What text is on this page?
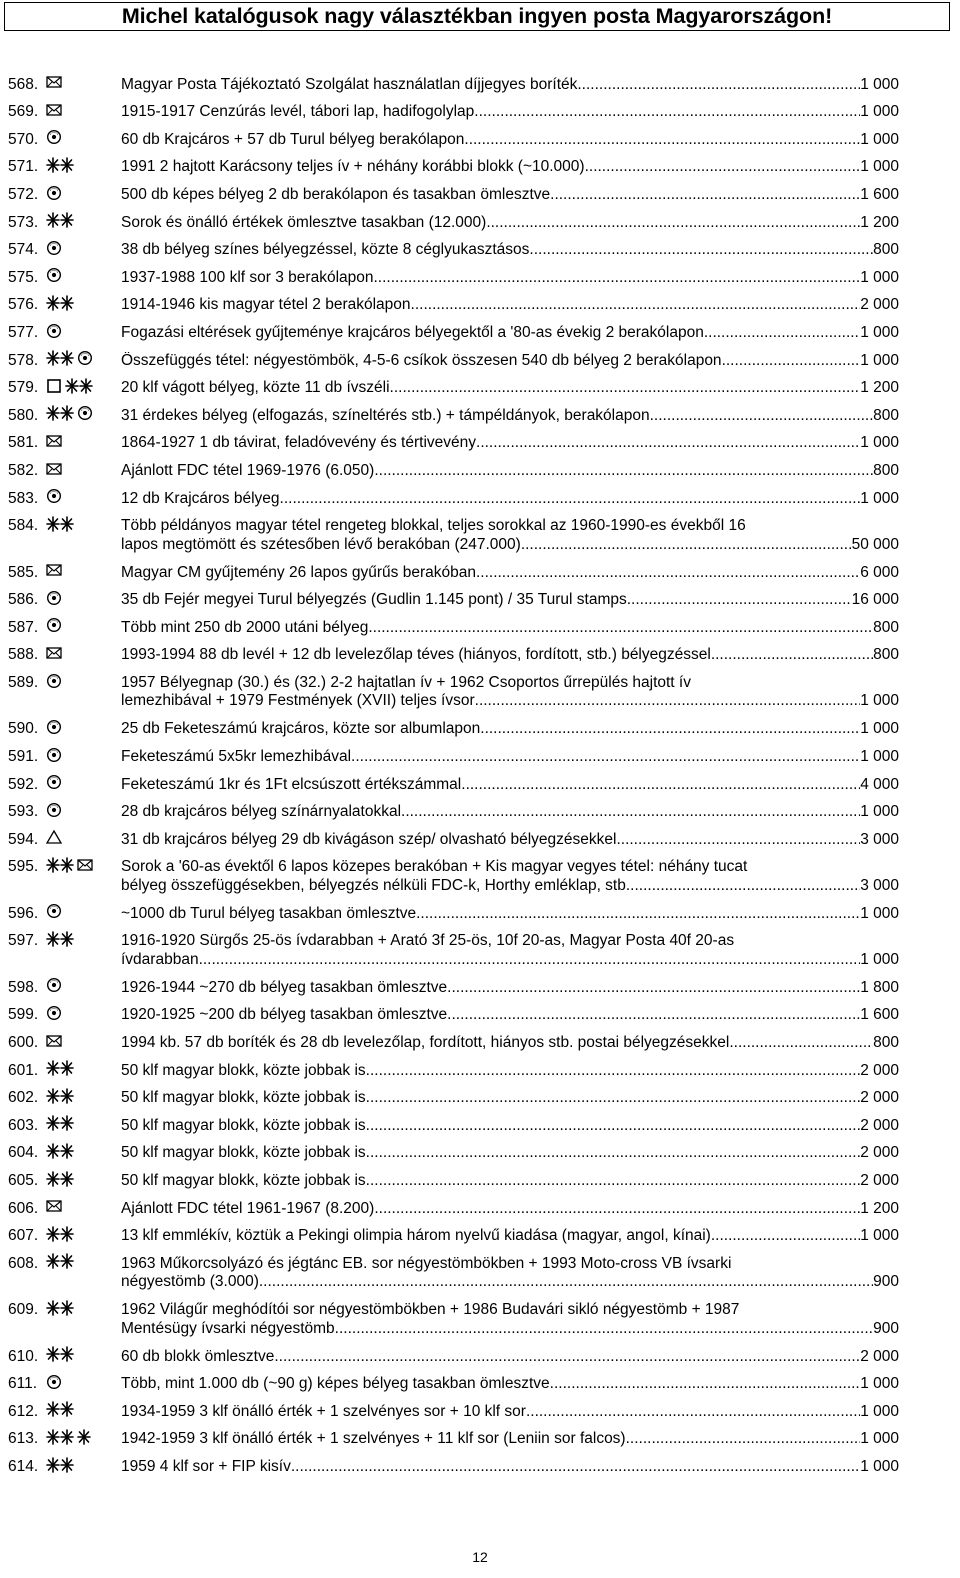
Michel katalógusok nagy választékban ingyen posta Magyarországon!
568.	Magyar Posta Tájékoztató Szolgálat használatlan díjjegyes boríték .....	1 000
569.	1915-1917 Cenzúrás levél, tábori lap, hadifogolylap .....	1 000
570.	60 db Krajcáros + 57 db Turul bélyeg berakólapon .....	1 000
571.	1991 2 hajtott Karácsony teljes ív + néhány korábbi blokk (~10.000) .....	1 000
572.	500 db képes bélyeg 2 db berakólapon és tasakban ömlesztve .....	1 600
573.	Sorok és önálló értékek ömlesztve tasakban (12.000) .....	1 200
574.	38 db bélyeg színes bélyegzéssel, közte 8 céglyukasztásos .....	800
575.	1937-1988 100 klf sor 3 berakólapon .....	1 000
576.	1914-1946 kis magyar tétel 2 berakólapon .....	2 000
577.	Fogazási eltérések gyűjteménye krajcáros bélyegektől a '80-as évekig 2 berakólapon .....	1 000
578.	Összefüggés tétel: négyestömbök, 4-5-6 csíkok összesen 540 db bélyeg 2 berakólapon .....	1 000
579.	20 klf vágott bélyeg, közte 11 db ívszéli .....	1 200
580.	31 érdekes bélyeg (elfogazás, színeltérés stb.) + támpéldányok, berakólapon .....	800
581.	1864-1927 1 db távirat, feladóvevény és tértivevény .....	1 000
582.	Ajánlott FDC tétel 1969-1976 (6.050) .....	800
583.	12 db Krajcáros bélyeg .....	1 000
584.	Több példányos magyar tétel rengeteg blokkal, teljes sorokkal az 1960-1990-es évekből 16
lapos megtömött és szétesőben lévő berakóban (247.000) .....	50 000
585.	Magyar CM gyűjtemény 26 lapos gyűrűs berakóban .....	6 000
586.	35 db Fejér megyei Turul bélyegzés (Gudlin 1.145 pont) / 35 Turul stamps .....	16 000
587.	Több mint 250 db 2000 utáni bélyeg .....	800
588.	1993-1994 88 db levél + 12 db levelezőlap téves (hiányos, fordított, stb.) bélyegzéssel .....	800
589.	1957 Bélyegnap (30.) és (32.) 2-2 hajtatlan ív + 1962 Csoportos űrrepülés hajtott ív
lemezhibával + 1979 Festmények (XVII) teljes ívsor .....	1 000
590.	25 db Feketeszámú krajcáros, közte sor albumlapon .....	1 000
591.	Feketeszámú 5x5kr lemezhibával .....	1 000
592.	Feketeszámú 1kr és 1Ft elcsúszott értékszámmal .....	4 000
593.	28 db krajcáros bélyeg színárnyalatokkal .....	1 000
594.	31 db krajcáros bélyeg 29 db kivágáson szép/ olvasható bélyegzésekkel .....	3 000
595.	Sorok a '60-as évektől 6 lapos közepes berakóban + Kis magyar vegyes tétel: néhány tucat
bélyeg összefüggésekben, bélyegzés nélküli FDC-k, Horthy emléklap, stb. .....	3 000
596.	~1000 db Turul bélyeg tasakban ömlesztve .....	1 000
597.	1916-1920 Sürgős 25-ös ívdarabban + Arató 3f 25-ös, 10f 20-as, Magyar Posta 40f 20-as
ívdarabban .....	1 000
598.	1926-1944 ~270 db bélyeg tasakban ömlesztve .....	1 800
599.	1920-1925 ~200 db bélyeg tasakban ömlesztve .....	1 600
600.	1994 kb. 57 db boríték és 28 db levelezőlap, fordított, hiányos stb. postai bélyegzésekkel .....	800
601.	50 klf magyar blokk, közte jobbak is .....	2 000
602.	50 klf magyar blokk, közte jobbak is .....	2 000
603.	50 klf magyar blokk, közte jobbak is .....	2 000
604.	50 klf magyar blokk, közte jobbak is .....	2 000
605.	50 klf magyar blokk, közte jobbak is .....	2 000
606.	Ajánlott FDC tétel 1961-1967 (8.200) .....	1 200
607.	13 klf emmlékív, köztük a Pekingi olimpia három nyelvű kiadása (magyar, angol, kínai) .....	1 000
608.	1963 Műkorcsolyázó és jégtánc EB. sor négyestömbökben + 1993 Moto-cross VB ívsarki
négyestömb (3.000) .....	900
609.	1962 Világűr meghódítói sor négyestömbökben + 1986 Budavári sikló négyestömb + 1987
Mentésügy ívsarki négyestömb .....	900
610.	60 db blokk ömlesztve .....	2 000
611.	Több, mint 1.000 db (~90 g) képes bélyeg tasakban ömlesztve .....	1 000
612.	1934-1959 3 klf önálló érték + 1 szelvényes sor + 10 klf sor .....	1 000
613.	1942-1959 3 klf önálló érték + 1 szelvényes + 11 klf sor (Leniin sor falcos) .....	1 000
614.	1959 4 klf sor + FIP kisív .....	1 000
12
